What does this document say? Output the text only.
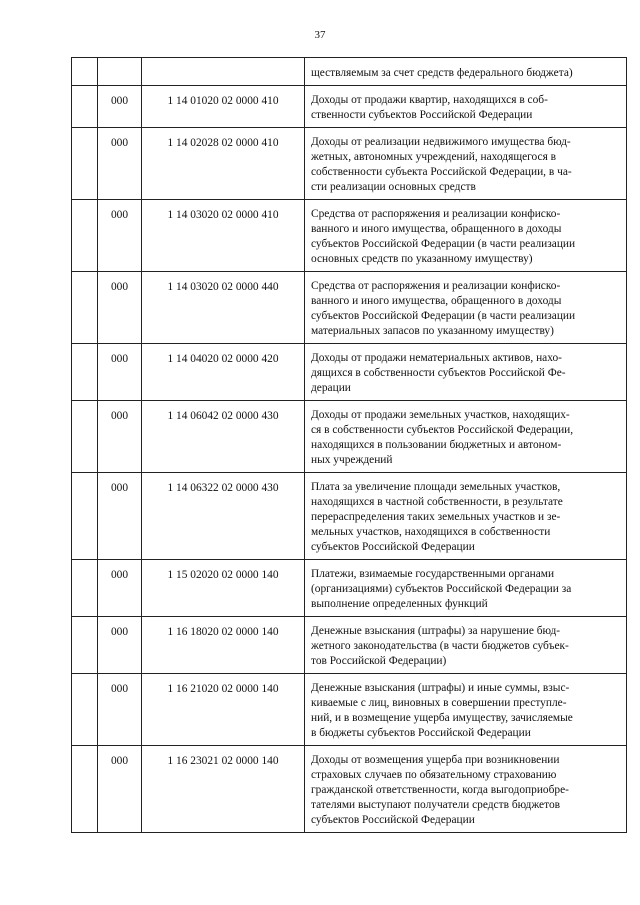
37

			ществляемым за счет средств федерального бюджета)

	000	1 14 01020 02 0000 410	Доходы от продажи квартир, находящихся в соб-
ственности субъектов Российской Федерации

	000	1 14 02028 02 0000 410	Доходы от реализации недвижимого имущества бюд-
жетных, автономных учреждений, находящегося в
собственности субъекта Российской Федерации, в ча-
сти реализации основных средств

	000	1 14 03020 02 0000 410	Средства от распоряжения и реализации конфиско-
ванного и иного имущества, обращенного в доходы
субъектов Российской Федерации (в части реализации
основных средств по указанному имуществу)

	000	1 14 03020 02 0000 440	Средства от распоряжения и реализации конфиско-
ванного и иного имущества, обращенного в доходы
субъектов Российской Федерации (в части реализации
материальных запасов по указанному имуществу)

	000	1 14 04020 02 0000 420	Доходы от продажи нематериальных активов, нахо-
дящихся в собственности субъектов Российской Фе-
дерации

	000	1 14 06042 02 0000 430	Доходы от продажи земельных участков, находящих-
ся в собственности субъектов Российской Федерации,
находящихся в пользовании бюджетных и автоном-
ных учреждений

	000	1 14 06322 02 0000 430	Плата за увеличение площади земельных участков,
находящихся в частной собственности, в результате
перераспределения таких земельных участков и зе-
мельных участков, находящихся в собственности
субъектов Российской Федерации

	000	1 15 02020 02 0000 140	Платежи, взимаемые государственными органами
(организациями) субъектов Российской Федерации за
выполнение определенных функций

	000	1 16 18020 02 0000 140	Денежные взыскания (штрафы) за нарушение бюд-
жетного законодательства (в части бюджетов субъек-
тов Российской Федерации)

	000	1 16 21020 02 0000 140	Денежные взыскания (штрафы) и иные суммы, взыс-
киваемые с лиц, виновных в совершении преступле-
ний, и в возмещение ущерба имуществу, зачисляемые
в бюджеты субъектов Российской Федерации

	000	1 16 23021 02 0000 140	Доходы от возмещения ущерба при возникновении
страховых случаев по обязательному страхованию
гражданской ответственности, когда выгодоприобре-
тателями выступают получатели средств бюджетов
субъектов Российской Федерации
